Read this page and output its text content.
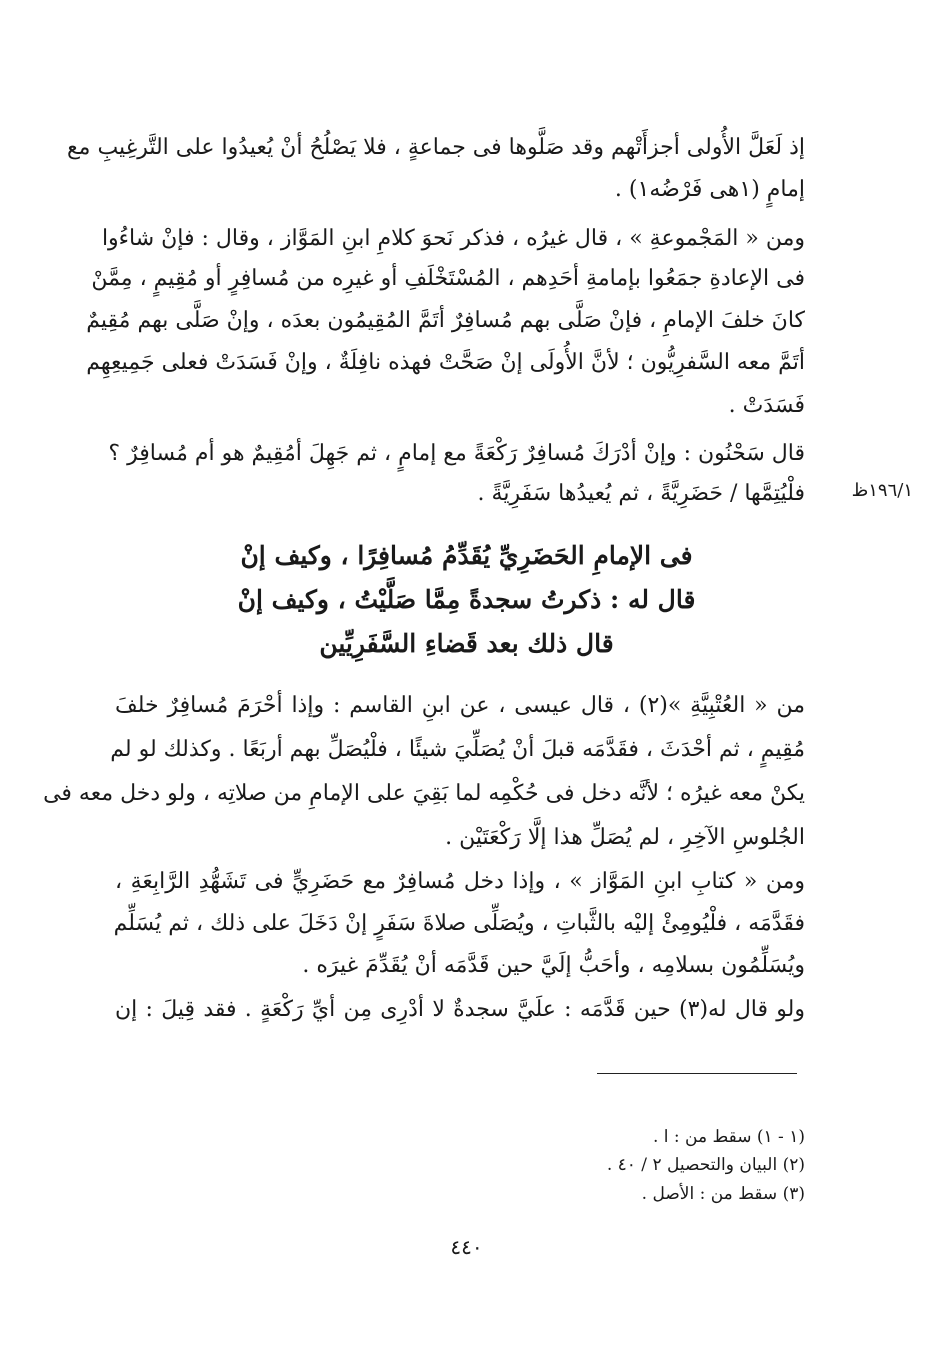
إذ لَعَلَّ الأُولى أجزأَتْهم وقد صَلَّوها فى جماعةٍ ، فلا يَصْلُحُ أنْ يُعيدُوا على التَّرغِيبِ مع
إمامٍ (١هى فَرْضُه١) .
ومن « المَجْموعةِ » ، قال غيرُه ، فذكر نَحوَ كلامِ ابنِ المَوَّاز ، وقال : فإنْ شاءُوا
فى الإعادةِ جمَعُوا بإمامةِ أحَدِهم ، المُسْتَخْلَفِ أو غيرِه من مُسافِرٍ أو مُقِيمٍ ، مِمَّنْ
كانَ خلفَ الإمامِ ، فإنْ صَلَّى بهم مُسافِرٌ أتَمَّ المُقِيمُون بعدَه ، وإنْ صَلَّى بهم مُقِيمٌ
أتَمَّ معه السَّفرِيُّون ؛ لأنَّ الأُولَى إنْ صَحَّتْ فهذه نافِلَةٌ ، وإنْ فَسَدَتْ فعلى جَمِيعِهِم
فَسَدَتْ .
قال سَحْنُون : وإنْ أدْرَكَ مُسافِرٌ رَكْعَةً مع إمامٍ ، ثم جَهِلَ أمُقِيمٌ هو أم مُسافِرٌ ؟
فلْيُتِمَّها / حَضَرِيَّةً ، ثم يُعيدُها سَفَرِيَّةً .	١٩٦/١ظ
فى الإمامِ الحَضَرِيِّ يُقَدِّمُ مُسافِرًا ، وكيف إنْ
قال له : ذكرتُ سجدةً مِمَّا صَلَّيْتُ ، وكيف إنْ
قال ذلك بعد قَضاءِ السَّفَرِيِّين
من « العُتْبِيَّةِ »(٢) ، قال عيسى ، عن ابنِ القاسم : وإذا أحْرَمَ مُسافِرٌ خلفَ
مُقِيمٍ ، ثم أحْدَثَ ، فقَدَّمَه قبلَ أنْ يُصَلِّيَ شيئًا ، فلْيُصَلِّ بهم أربَعًا . وكذلك لو لم
يكنْ معه غيرُه ؛ لأنَّه دخل فى حُكْمِه لما بَقِيَ على الإمامِ من صلاتِه ، ولو دخل معه فى
الجُلوسِ الآخِرِ ، لم يُصَلِّ هذا إلَّا رَكْعَتَيْن .
ومن « كتابِ ابنِ المَوَّاز » ، وإذا دخل مُسافِرٌ مع حَضَرِيٍّ فى تَشَهُّدِ الرَّابِعَةِ ،
فقَدَّمَه ، فلْيُومِئْ إليْه بالثَّباتِ ، ويُصَلِّى صلاةَ سَفَرٍ إنْ دَخَلَ على ذلك ، ثم يُسَلِّم
ويُسَلِّمُون بسلامِه ، وأحَبُّ إلَيَّ حين قَدَّمَه أنْ يُقَدِّمَ غيرَه .
ولو قال له(٣) حين قَدَّمَه : علَيَّ سجدةٌ لا أدْرِى مِن أيِّ رَكْعَةٍ . فقد قِيلَ : إن
(١ - ١) سقط من : ا .
(٢) البيان والتحصيل ٢ / ٤٠ .
(٣) سقط من : الأصل .
٤٤٠
